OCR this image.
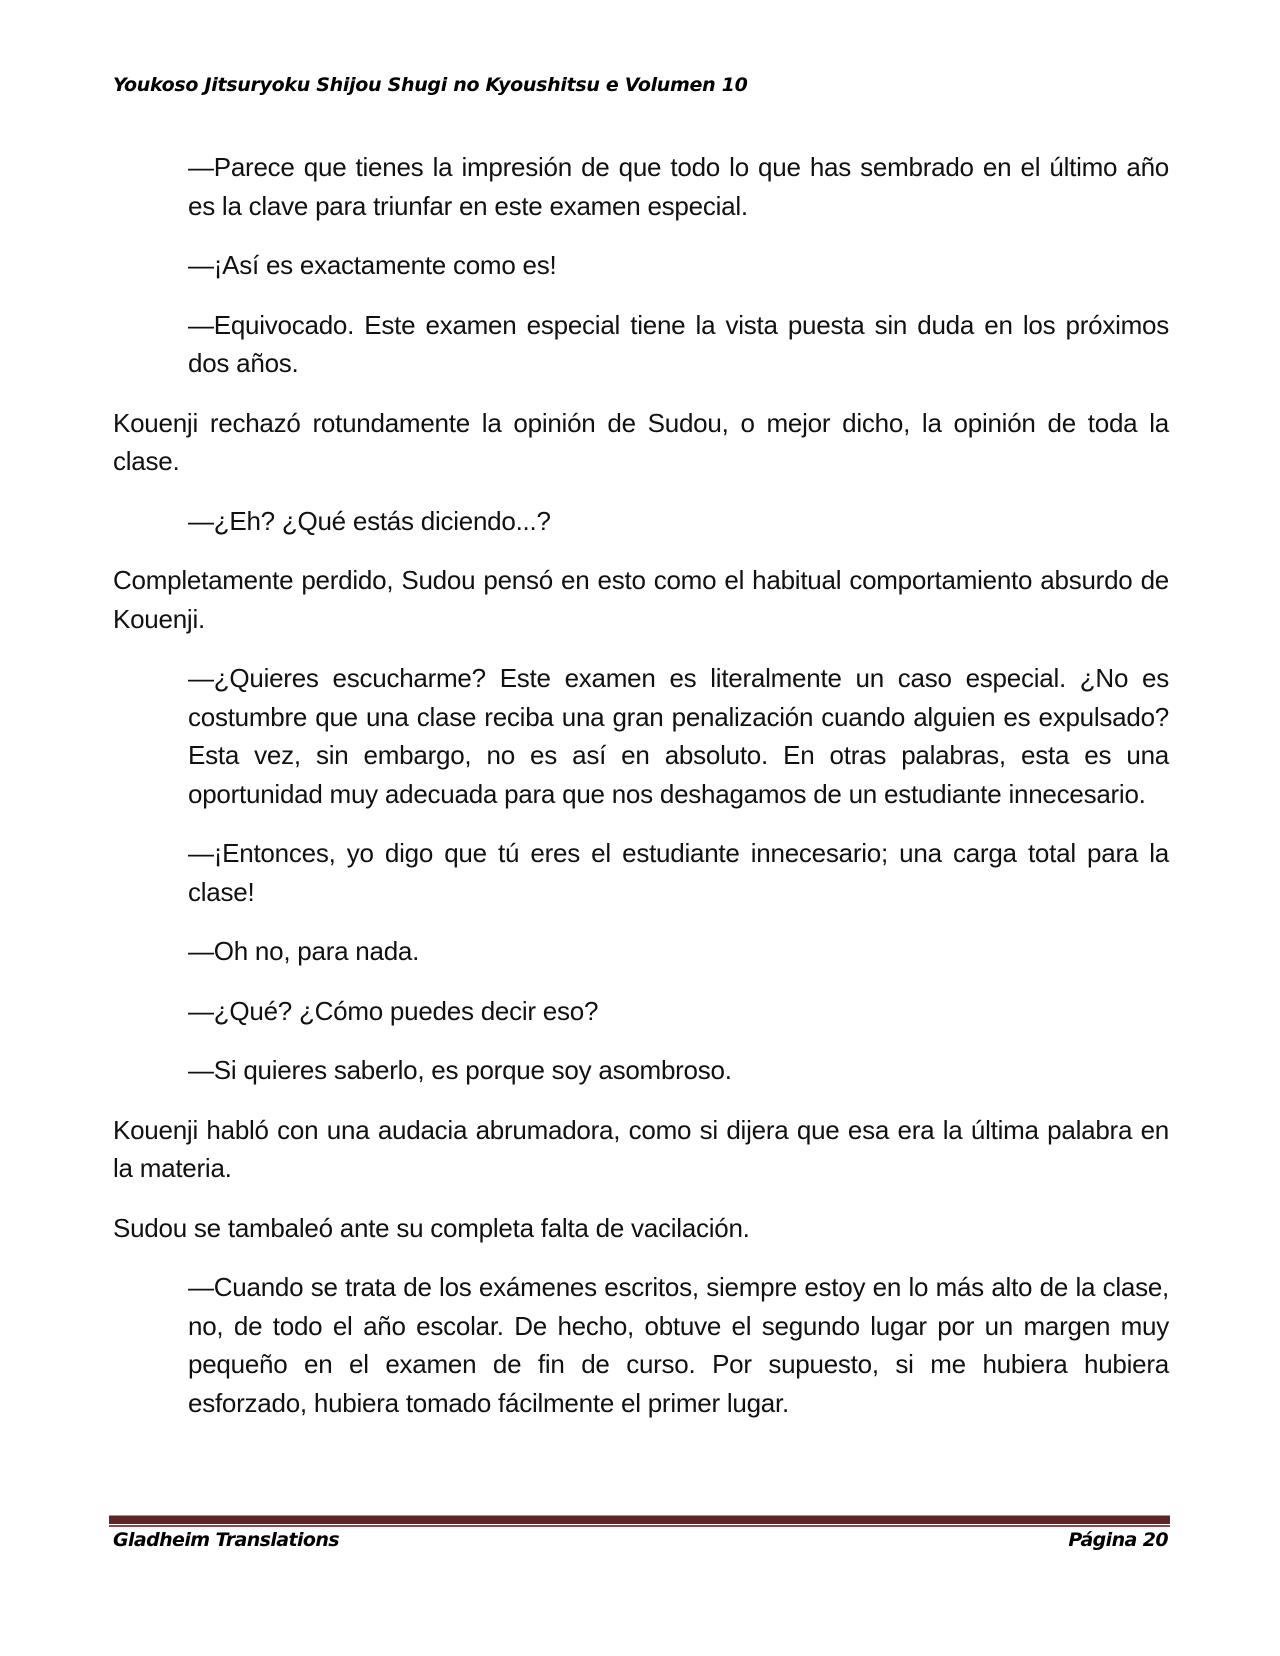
Youkoso Jitsuryoku Shijou Shugi no Kyoushitsu e Volumen 10

—Parece que tienes la impresión de que todo lo que has sembrado en el último año es la clave para triunfar en este examen especial.

—¡Así es exactamente como es!

—Equivocado. Este examen especial tiene la vista puesta sin duda en los próximos dos años.

Kouenji rechazó rotundamente la opinión de Sudou, o mejor dicho, la opinión de toda la clase.

—¿Eh? ¿Qué estás diciendo...?

Completamente perdido, Sudou pensó en esto como el habitual comportamiento absurdo de Kouenji.

—¿Quieres escucharme? Este examen es literalmente un caso especial. ¿No es costumbre que una clase reciba una gran penalización cuando alguien es expulsado? Esta vez, sin embargo, no es así en absoluto. En otras palabras, esta es una oportunidad muy adecuada para que nos deshagamos de un estudiante innecesario.

—¡Entonces, yo digo que tú eres el estudiante innecesario; una carga total para la clase!

—Oh no, para nada.

—¿Qué? ¿Cómo puedes decir eso?

—Si quieres saberlo, es porque soy asombroso.

Kouenji habló con una audacia abrumadora, como si dijera que esa era la última palabra en la materia.

Sudou se tambaleó ante su completa falta de vacilación.

—Cuando se trata de los exámenes escritos, siempre estoy en lo más alto de la clase, no, de todo el año escolar. De hecho, obtuve el segundo lugar por un margen muy pequeño en el examen de fin de curso. Por supuesto, si me hubiera hubiera esforzado, hubiera tomado fácilmente el primer lugar.

Gladheim Translations	Página 20
